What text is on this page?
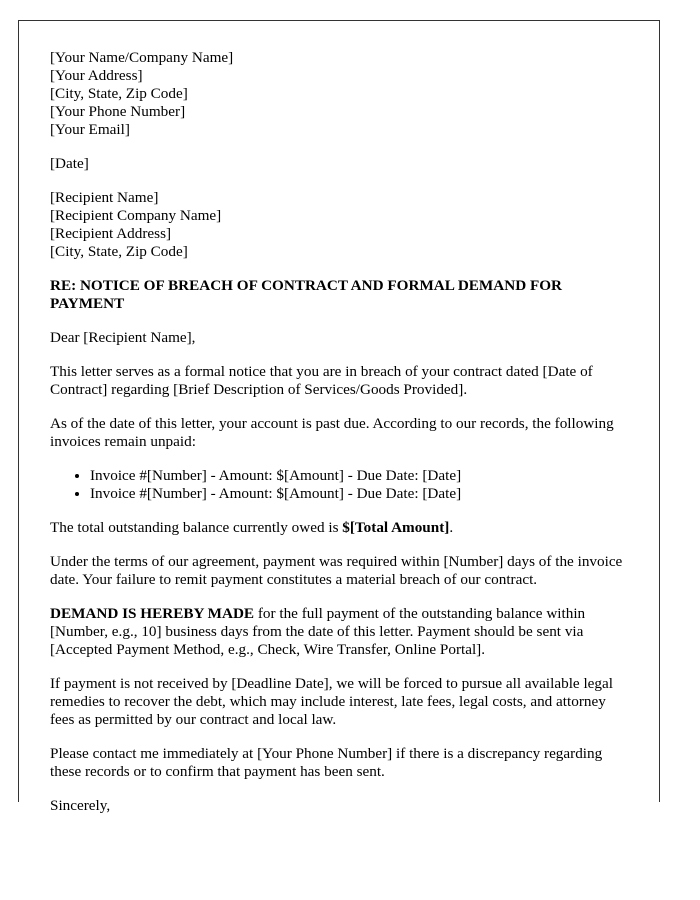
[Your Name/Company Name]
[Your Address]
[City, State, Zip Code]
[Your Phone Number]
[Your Email]
[Date]
[Recipient Name]
[Recipient Company Name]
[Recipient Address]
[City, State, Zip Code]
RE: NOTICE OF BREACH OF CONTRACT AND FORMAL DEMAND FOR PAYMENT

Dear [Recipient Name],

This letter serves as a formal notice that you are in breach of your contract dated [Date of Contract] regarding [Brief Description of Services/Goods Provided].

As of the date of this letter, your account is past due. According to our records, the following invoices remain unpaid:

• Invoice #[Number] - Amount: $[Amount] - Due Date: [Date]
• Invoice #[Number] - Amount: $[Amount] - Due Date: [Date]

The total outstanding balance currently owed is $[Total Amount].

Under the terms of our agreement, payment was required within [Number] days of the invoice date. Your failure to remit payment constitutes a material breach of our contract.

DEMAND IS HEREBY MADE for the full payment of the outstanding balance within [Number, e.g., 10] business days from the date of this letter. Payment should be sent via [Accepted Payment Method, e.g., Check, Wire Transfer, Online Portal].

If payment is not received by [Deadline Date], we will be forced to pursue all available legal remedies to recover the debt, which may include interest, late fees, legal costs, and attorney fees as permitted by our contract and local law.

Please contact me immediately at [Your Phone Number] if there is a discrepancy regarding these records or to confirm that payment has been sent.

Sincerely,
